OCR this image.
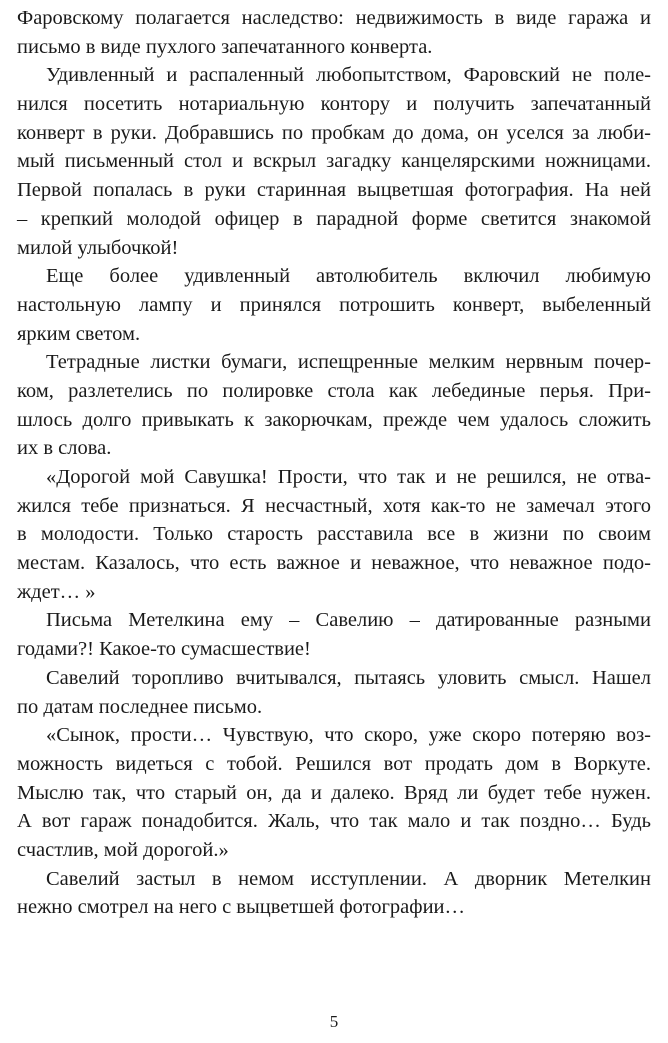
Фаровскому полагается наследство: недвижимость в виде гаража и
письмо в виде пухлого запечатанного конверта.
Удивленный и распаленный любопытством, Фаровский не поле-
нился посетить нотариальную контору и получить запечатанный
конверт в руки. Добравшись по пробкам до дома, он уселся за люби-
мый письменный стол и вскрыл загадку канцелярскими ножницами.
Первой попалась в руки старинная выцветшая фотография. На ней
– крепкий молодой офицер в парадной форме светится знакомой
милой улыбочкой!
Еще более удивленный автолюбитель включил любимую
настольную лампу и принялся потрошить конверт, выбеленный
ярким светом.
Тетрадные листки бумаги, испещренные мелким нервным почер-
ком, разлетелись по полировке стола как лебединые перья. При-
шлось долго привыкать к закорючкам, прежде чем удалось сложить
их в слова.
«Дорогой мой Савушка! Прости, что так и не решился, не отва-
жился тебе признаться. Я несчастный, хотя как-то не замечал этого
в молодости. Только старость расставила все в жизни по своим
местам. Казалось, что есть важное и неважное, что неважное подо-
ждет… »
Письма Метелкина ему – Савелию – датированные разными
годами?! Какое-то сумасшествие!
Савелий торопливо вчитывался, пытаясь уловить смысл. Нашел
по датам последнее письмо.
«Сынок, прости… Чувствую, что скоро, уже скоро потеряю воз-
можность видеться с тобой. Решился вот продать дом в Воркуте.
Мыслю так, что старый он, да и далеко. Вряд ли будет тебе нужен.
А вот гараж понадобится. Жаль, что так мало и так поздно… Будь
счастлив, мой дорогой.»
Савелий застыл в немом исступлении. А дворник Метелкин
нежно смотрел на него с выцветшей фотографии…
5
